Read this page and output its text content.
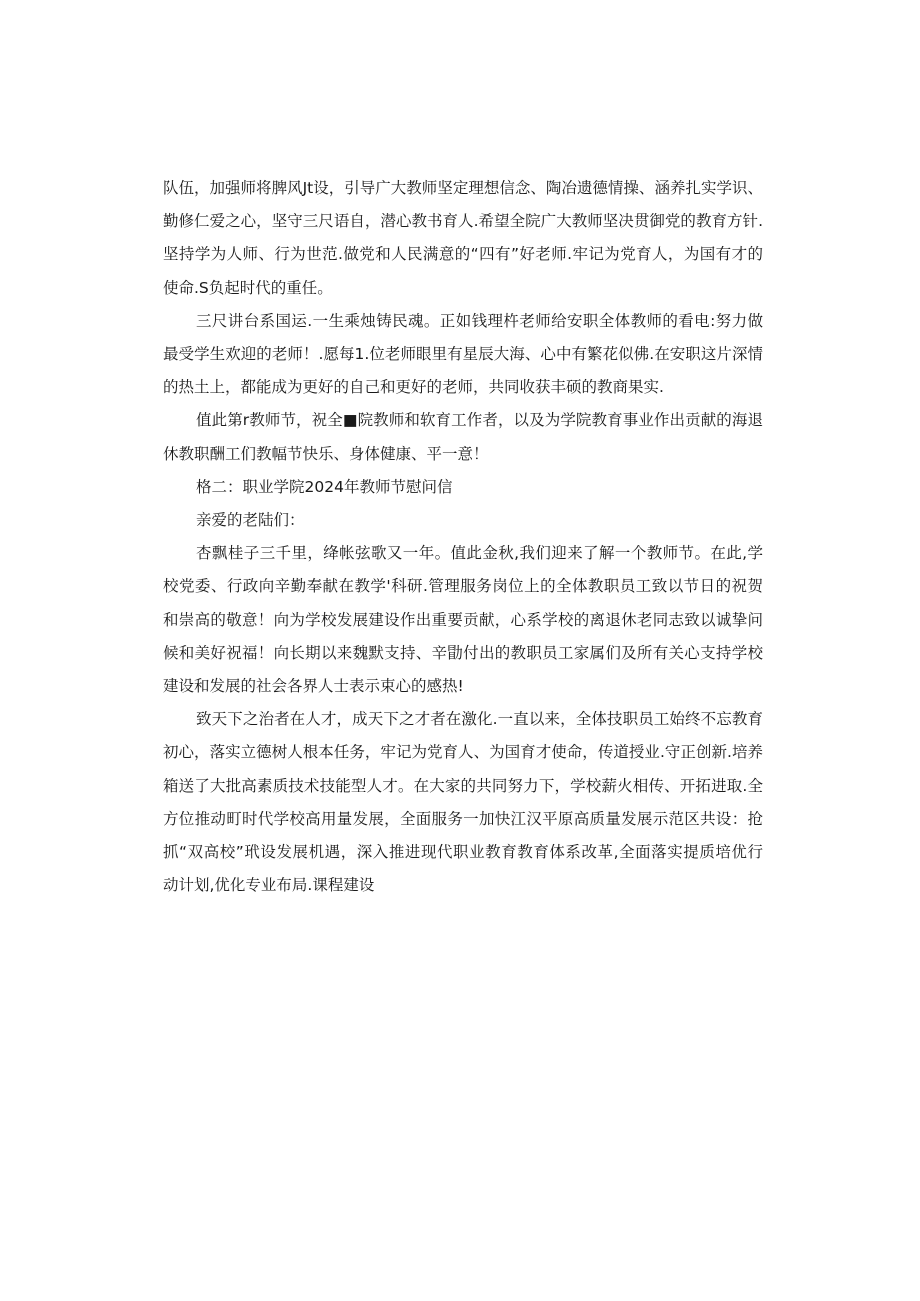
队伍，加强师将脾风Jt设，引导广大教师坚定理想信念、陶冶遗德情操、涵养扎实学识、
勤修仁爱之心，坚守三尺语自，潜心教书育人.希望全院广大教师坚决贯御党的教育方针.
坚持学为人师、行为世范.做党和人民满意的“四有”好老师.牢记为党育人，为国有才的
使命.S负起时代的重任。

三尺讲台系国运.一生乘烛铸民魂。正如钱理杵老师给安职全体教师的看电:努力做
最受学生欢迎的老师！.愿每1.位老师眼里有星辰大海、心中有繁花似佛.在安职这片深情
的热土上，都能成为更好的自己和更好的老师，共同收获丰硕的教商果实.

值此第r教师节，祝全■院教师和软育工作者，以及为学院教育事业作出贡献的海退
休教职酬工们教幅节快乐、身体健康、平一意！

格二：职业学院2024年教师节慰问信

亲爱的老陆们：

杏飘桂子三千里，绛帐弦歌又一年。值此金秋,我们迎来了解一个教师节。在此,学
校党委、行政向辛勤奉献在教学'科研.管理服务岗位上的全体教职员工致以节日的祝贺
和崇高的敬意！向为学校发展建设作出重要贡献，心系学校的离退休老同志致以诚挚问
候和美好祝福！向长期以来魏默支持、辛勖付出的教职员工家属们及所有关心支持学校
建设和发展的社会各界人士表示束心的感热!

致天下之治者在人才，成天下之才者在激化.一直以来，全体技职员工始终不忘教育
初心，落实立德树人根本任务，牢记为党育人、为国育才使命，传道授业.守正创新.培养
箱送了大批高素质技术技能型人才。在大家的共同努力下，学校薪火相传、开拓进取.全
方位推动町时代学校高用量发展，全面服务一加快江汉平原高质量发展示范区共设：抢
抓“双高校”玳设发展机遇，深入推进现代职业教育教育体系改革,全面落实提质培优行
动计划,优化专业布局.课程建设
